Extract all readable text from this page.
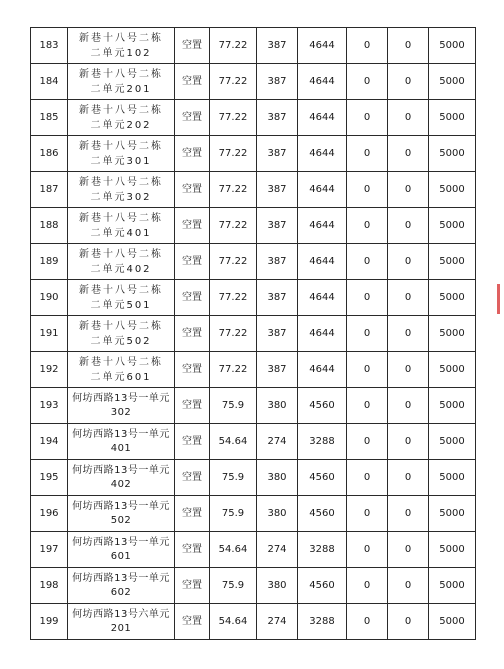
183	新巷十八号二栋二单元102	空置	77.22	387	4644	0	0	5000
184	新巷十八号二栋二单元201	空置	77.22	387	4644	0	0	5000
185	新巷十八号二栋二单元202	空置	77.22	387	4644	0	0	5000
186	新巷十八号二栋二单元301	空置	77.22	387	4644	0	0	5000
187	新巷十八号二栋二单元302	空置	77.22	387	4644	0	0	5000
188	新巷十八号二栋二单元401	空置	77.22	387	4644	0	0	5000
189	新巷十八号二栋二单元402	空置	77.22	387	4644	0	0	5000
190	新巷十八号二栋二单元501	空置	77.22	387	4644	0	0	5000
191	新巷十八号二栋二单元502	空置	77.22	387	4644	0	0	5000
192	新巷十八号二栋二单元601	空置	77.22	387	4644	0	0	5000
193	何坊西路13号一单元302	空置	75.9	380	4560	0	0	5000
194	何坊西路13号一单元401	空置	54.64	274	3288	0	0	5000
195	何坊西路13号一单元402	空置	75.9	380	4560	0	0	5000
196	何坊西路13号一单元502	空置	75.9	380	4560	0	0	5000
197	何坊西路13号一单元601	空置	54.64	274	3288	0	0	5000
198	何坊西路13号一单元602	空置	75.9	380	4560	0	0	5000
199	何坊西路13号六单元201	空置	54.64	274	3288	0	0	5000
